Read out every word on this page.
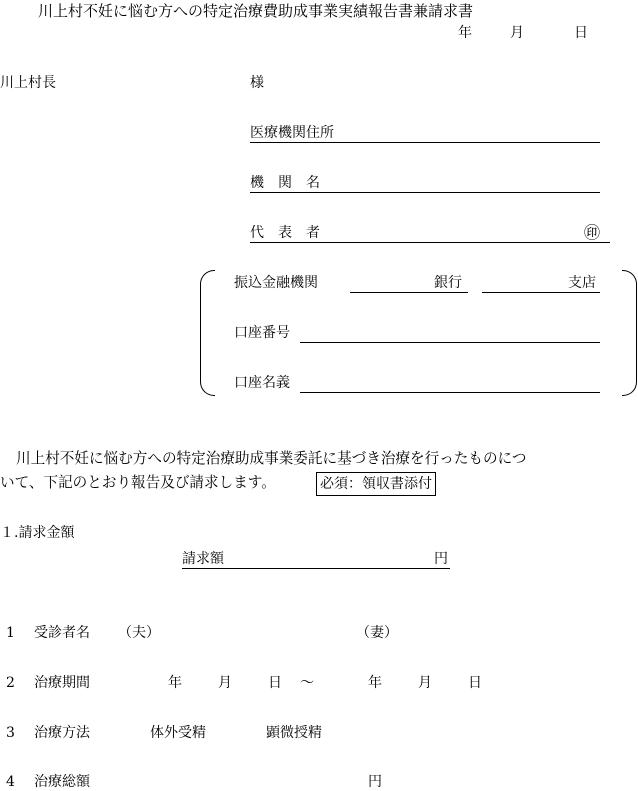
川上村不妊に悩む方への特定治療費助成事業実績報告書兼請求書
年	月	日
川上村長	様
医療機関住所
機　関　名
代　表　者	㊞
振込金融機関	銀行	支店
口座番号
口座名義
川上村不妊に悩む方への特定治療助成事業委託に基づき治療を行ったものにつ
いて、下記のとおり報告及び請求します。	必須：領収書添付
１.請求金額
請求額	円
1 受診者名 （夫）	（妻）
2 治療期間	年	月	日 ～	年	月	日
3 治療方法	体外受精	顕微授精
4 治療総額	円
